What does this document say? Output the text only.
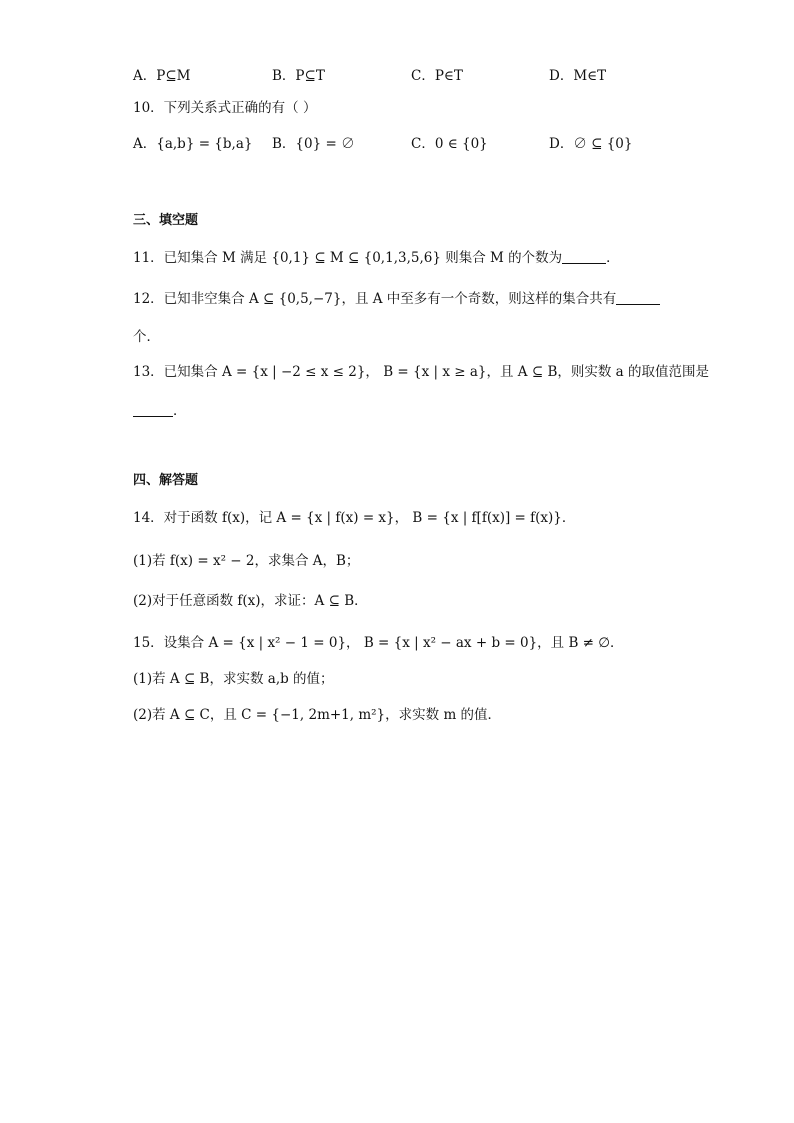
A．P⊆M	B．P⊆T	C．P∈T	D．M∈T
10．下列关系式正确的有（ ）
A．{a,b} = {b,a} B．{0} = ∅	C．0 ∈ {0}	D．∅ ⊆ {0}
三、填空题
11．已知集合 M 满足 {0,1} ⊆ M ⊆ {0,1,3,5,6} 则集合 M 的个数为	．
12．已知非空集合 A ⊆ {0,5,−7}，且 A 中至多有一个奇数，则这样的集合共有
个．
13．已知集合 A = {x | −2 ≤ x ≤ 2}， B = {x | x ≥ a}，且 A ⊆ B，则实数 a 的取值范围是
．
四、解答题
14．对于函数 f(x)，记 A = {x | f(x) = x}， B = {x | f[f(x)] = f(x)}．
(1)若 f(x) = x² − 2，求集合 A，B；
(2)对于任意函数 f(x)，求证：A ⊆ B．
15．设集合 A = {x | x² − 1 = 0}， B = {x | x² − ax + b = 0}，且 B ≠ ∅．
(1)若 A ⊆ B，求实数 a,b 的值；
(2)若 A ⊆ C，且 C = {−1, 2m+1, m²}，求实数 m 的值．
